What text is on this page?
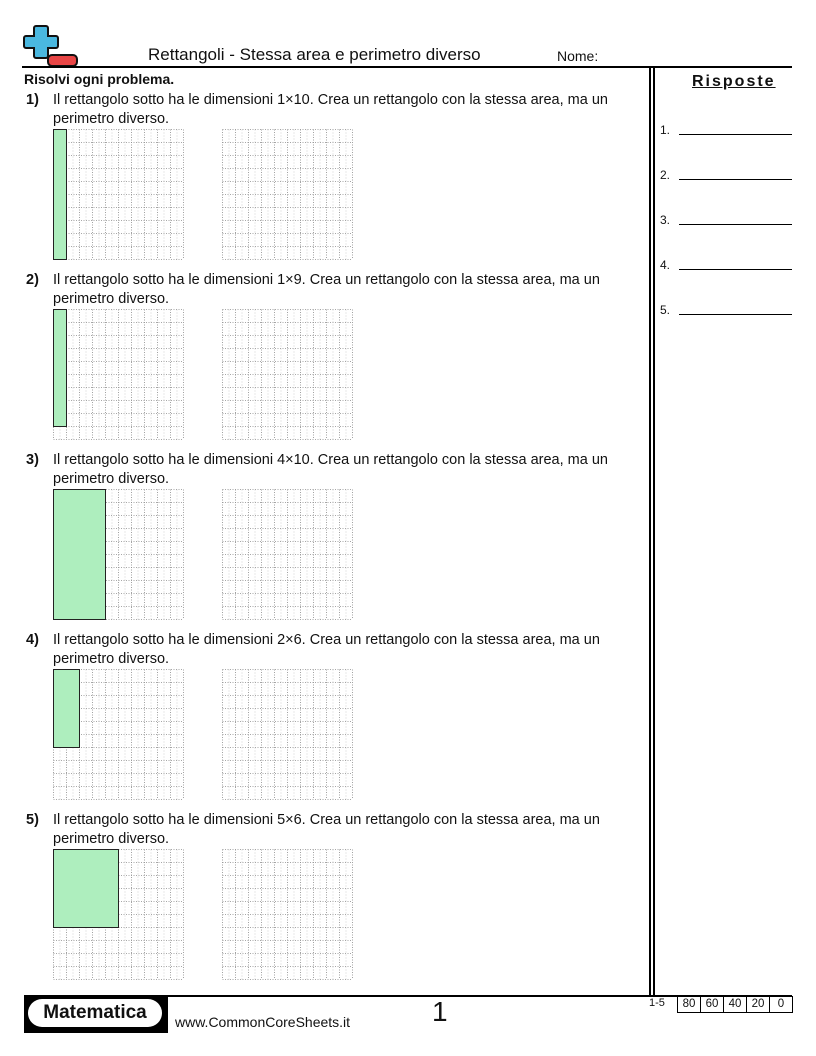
Rettangoli - Stessa area e perimetro diverso	Nome:
Risolvi ogni problema.
1) Il rettangolo sotto ha le dimensioni 1×10. Crea un rettangolo con la stessa area, ma un perimetro diverso.
2) Il rettangolo sotto ha le dimensioni 1×9. Crea un rettangolo con la stessa area, ma un perimetro diverso.
3) Il rettangolo sotto ha le dimensioni 4×10. Crea un rettangolo con la stessa area, ma un perimetro diverso.
4) Il rettangolo sotto ha le dimensioni 2×6. Crea un rettangolo con la stessa area, ma un perimetro diverso.
5) Il rettangolo sotto ha le dimensioni 5×6. Crea un rettangolo con la stessa area, ma un perimetro diverso.
Risposte
1.
2.
3.
4.
5.
Matematica	www.CommonCoreSheets.it	1	1-5	80 60 40 20	0
